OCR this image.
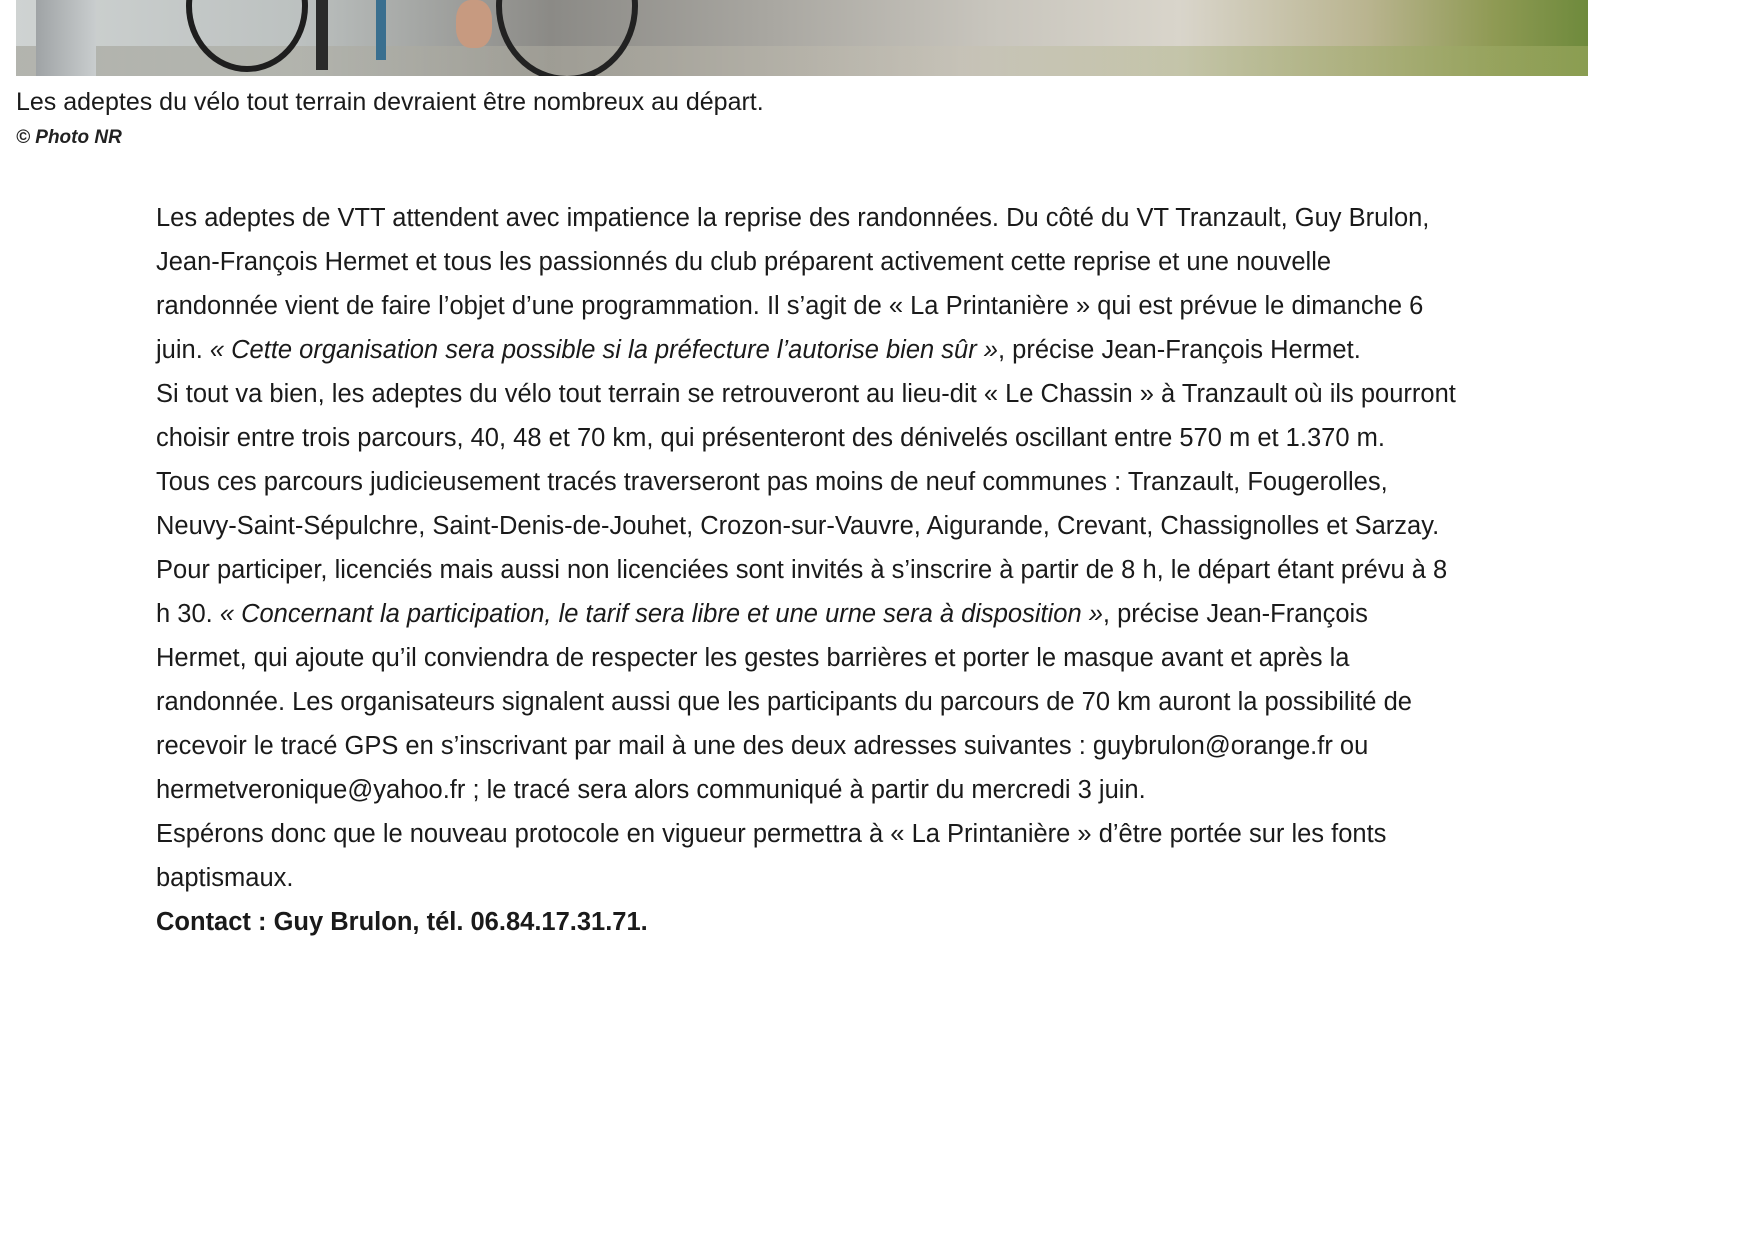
Les adeptes du vélo tout terrain devraient être nombreux au départ.
© Photo NR

Les adeptes de VTT attendent avec impatience la reprise des randonnées. Du côté du VT Tranzault, Guy Brulon, Jean-François Hermet et tous les passionnés du club préparent activement cette reprise et une nouvelle randonnée vient de faire l’objet d’une programmation. Il s’agit de « La Printanière » qui est prévue le dimanche 6 juin. « Cette organisation sera possible si la préfecture l’autorise bien sûr », précise Jean-François Hermet.

Si tout va bien, les adeptes du vélo tout terrain se retrouveront au lieu-dit « Le Chassin » à Tranzault où ils pourront choisir entre trois parcours, 40, 48 et 70 km, qui présenteront des dénivelés oscillant entre 570 m et 1.370 m.

Tous ces parcours judicieusement tracés traverseront pas moins de neuf communes : Tranzault, Fougerolles, Neuvy-Saint-Sépulchre, Saint-Denis-de-Jouhet, Crozon-sur-Vauvre, Aigurande, Crevant, Chassignolles et Sarzay.

Pour participer, licenciés mais aussi non licenciées sont invités à s’inscrire à partir de 8 h, le départ étant prévu à 8 h 30. « Concernant la participation, le tarif sera libre et une urne sera à disposition », précise Jean-François Hermet, qui ajoute qu’il conviendra de respecter les gestes barrières et porter le masque avant et après la randonnée. Les organisateurs signalent aussi que les participants du parcours de 70 km auront la possibilité de recevoir le tracé GPS en s’inscrivant par mail à une des deux adresses suivantes : guybrulon@orange.fr ou hermetveronique@yahoo.fr ; le tracé sera alors communiqué à partir du mercredi 3 juin.

Espérons donc que le nouveau protocole en vigueur permettra à « La Printanière » d’être portée sur les fonts baptismaux.

Contact : Guy Brulon, tél. 06.84.17.31.71.
